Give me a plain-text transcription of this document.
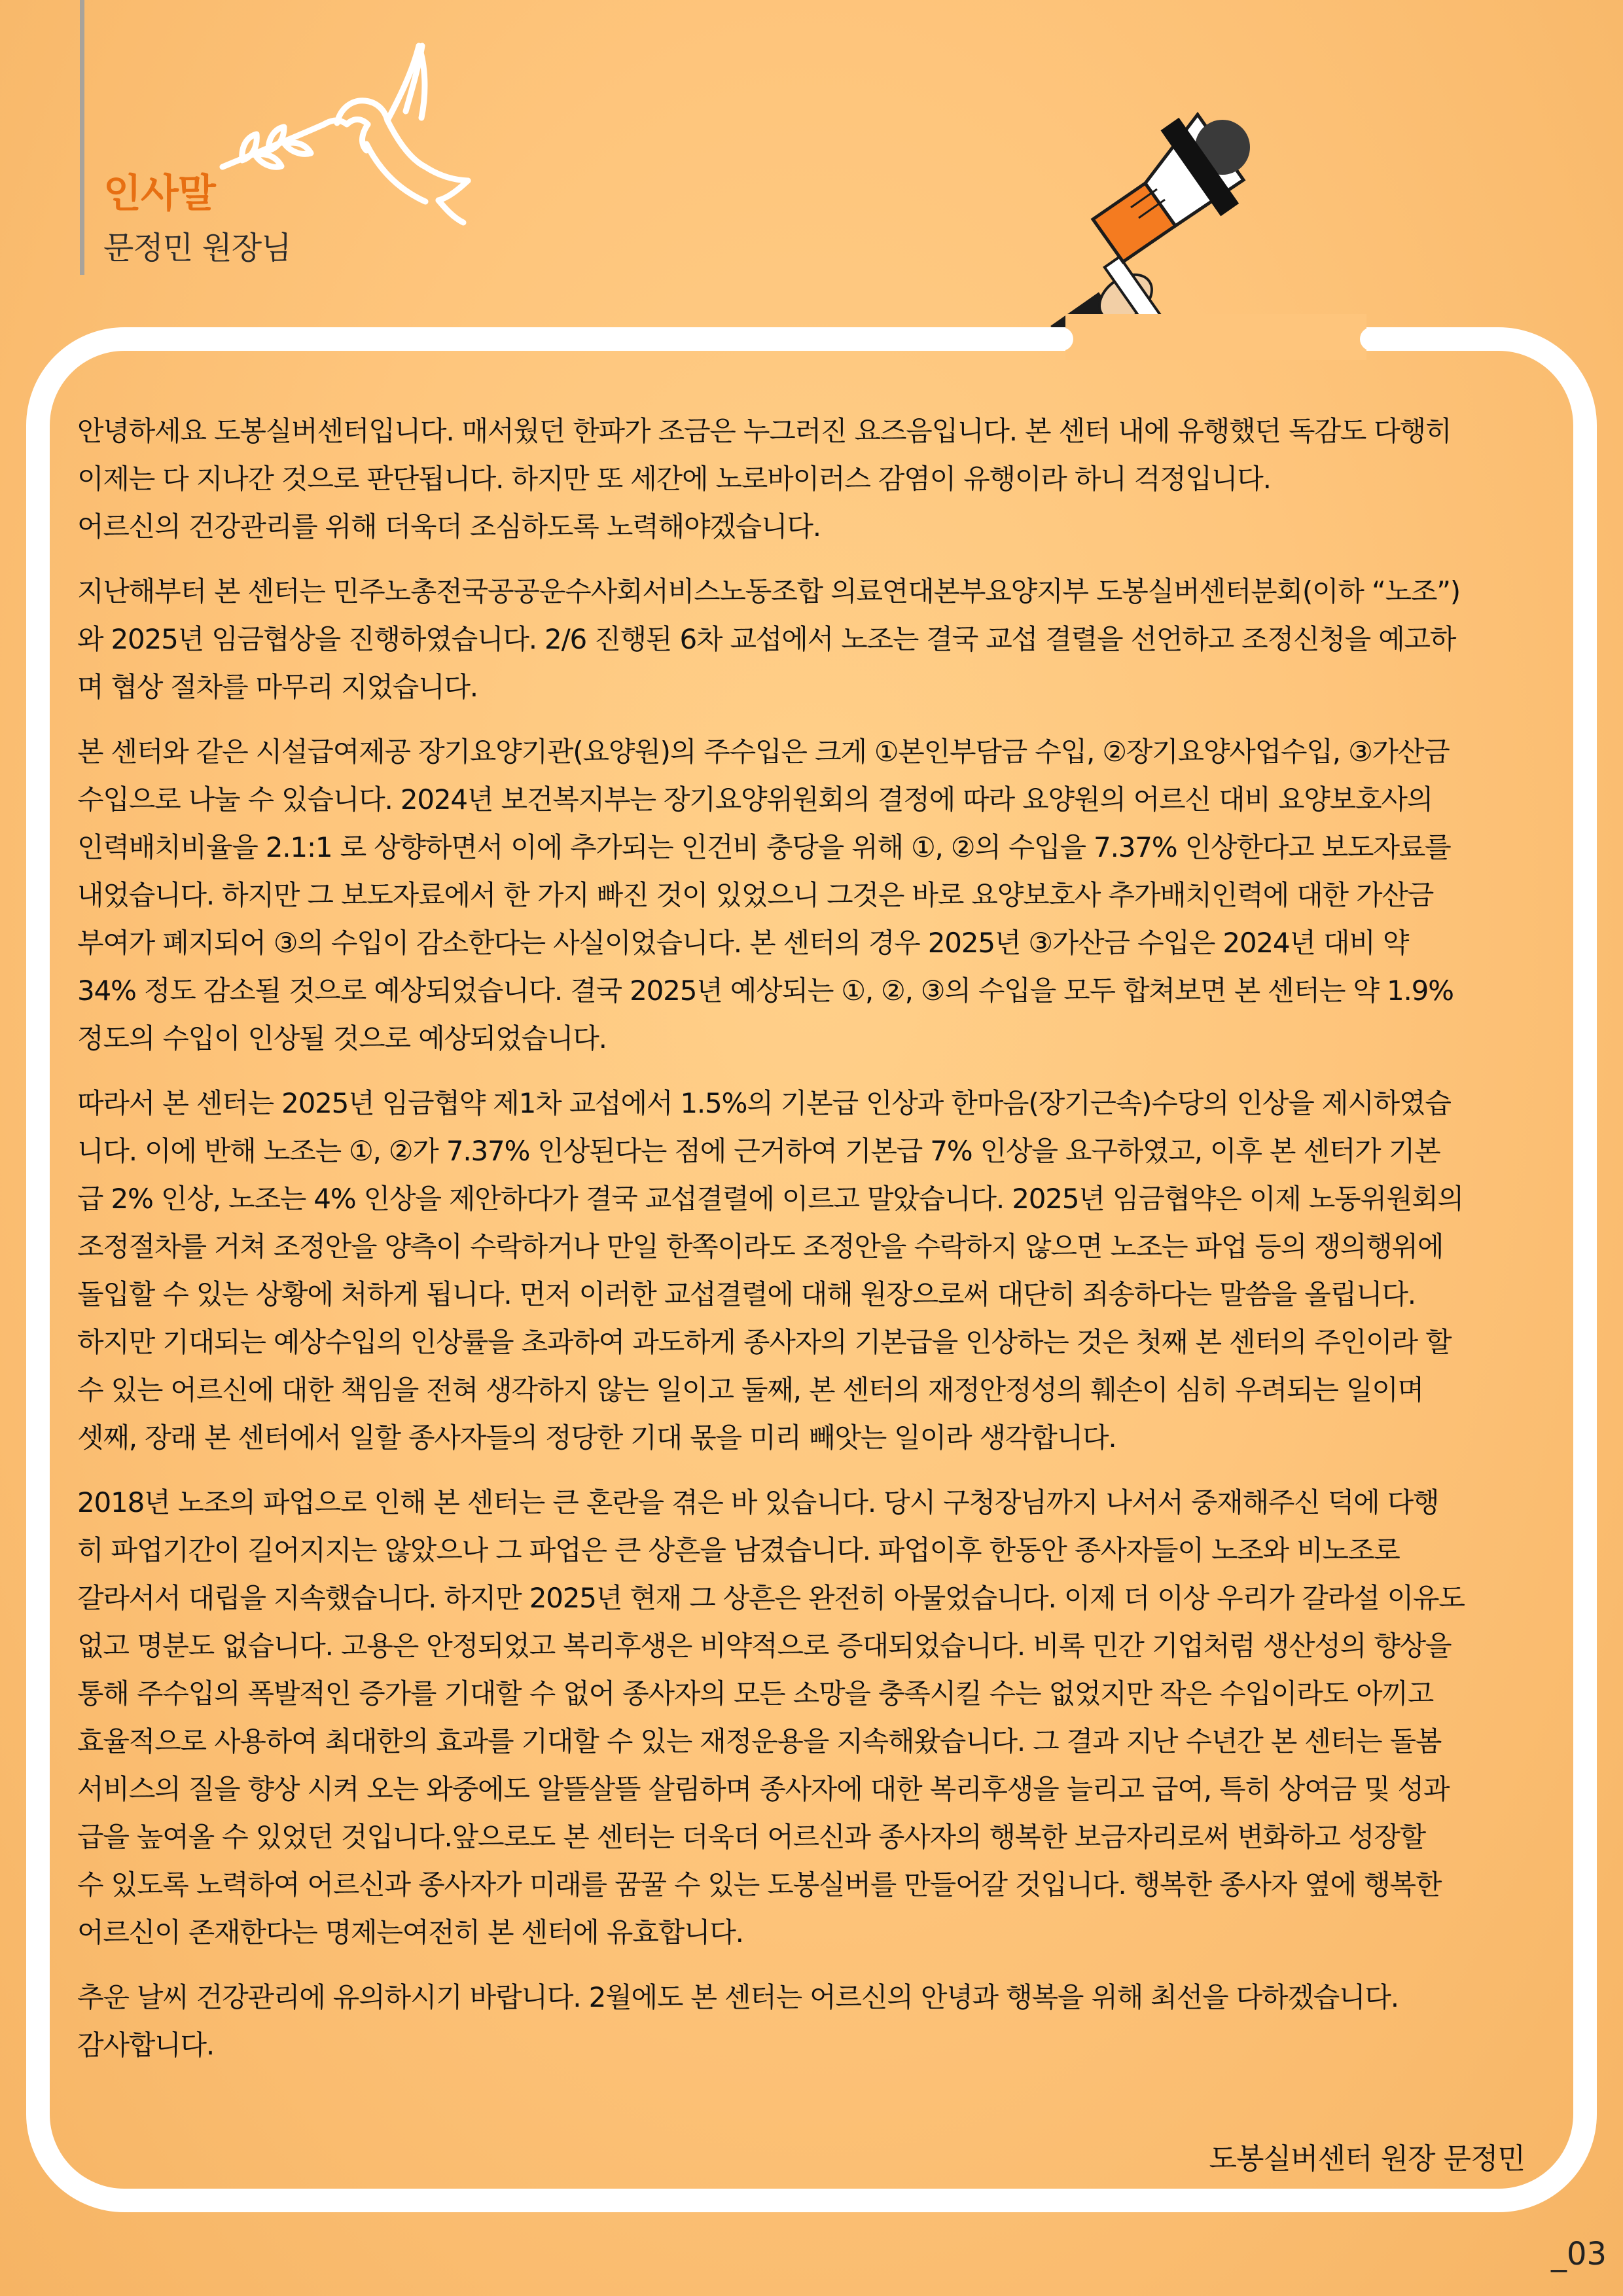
인사말
문정민 원장님

안녕하세요 도봉실버센터입니다. 매서웠던 한파가 조금은 누그러진 요즈음입니다. 본 센터 내에 유행했던 독감도 다행히
이제는 다 지나간 것으로 판단됩니다. 하지만 또 세간에 노로바이러스 감염이 유행이라 하니 걱정입니다.
어르신의 건강관리를 위해 더욱더 조심하도록 노력해야겠습니다.

지난해부터 본 센터는 민주노총전국공공운수사회서비스노동조합 의료연대본부요양지부 도봉실버센터분회(이하 “노조”)
와 2025년 임금협상을 진행하였습니다. 2/6 진행된 6차 교섭에서 노조는 결국 교섭 결렬을 선언하고 조정신청을 예고하
며 협상 절차를 마무리 지었습니다.

본 센터와 같은 시설급여제공 장기요양기관(요양원)의 주수입은 크게 ①본인부담금 수입, ②장기요양사업수입, ③가산금
수입으로 나눌 수 있습니다. 2024년 보건복지부는 장기요양위원회의 결정에 따라 요양원의 어르신 대비 요양보호사의
인력배치비율을 2.1:1 로 상향하면서 이에 추가되는 인건비 충당을 위해 ①, ②의 수입을 7.37% 인상한다고 보도자료를
내었습니다. 하지만 그 보도자료에서 한 가지 빠진 것이 있었으니 그것은 바로 요양보호사 추가배치인력에 대한 가산금
부여가 폐지되어 ③의 수입이 감소한다는 사실이었습니다. 본 센터의 경우 2025년 ③가산금 수입은 2024년 대비 약
34% 정도 감소될 것으로 예상되었습니다. 결국 2025년 예상되는 ①, ②, ③의 수입을 모두 합쳐보면 본 센터는 약 1.9%
정도의 수입이 인상될 것으로 예상되었습니다.

따라서 본 센터는 2025년 임금협약 제1차 교섭에서 1.5%의 기본급 인상과 한마음(장기근속)수당의 인상을 제시하였습
니다. 이에 반해 노조는 ①, ②가 7.37% 인상된다는 점에 근거하여 기본급 7% 인상을 요구하였고, 이후 본 센터가 기본
급 2% 인상, 노조는 4% 인상을 제안하다가 결국 교섭결렬에 이르고 말았습니다. 2025년 임금협약은 이제 노동위원회의
조정절차를 거쳐 조정안을 양측이 수락하거나 만일 한쪽이라도 조정안을 수락하지 않으면 노조는 파업 등의 쟁의행위에
돌입할 수 있는 상황에 처하게 됩니다. 먼저 이러한 교섭결렬에 대해 원장으로써 대단히 죄송하다는 말씀을 올립니다.
하지만 기대되는 예상수입의 인상률을 초과하여 과도하게 종사자의 기본급을 인상하는 것은 첫째 본 센터의 주인이라 할
수 있는 어르신에 대한 책임을 전혀 생각하지 않는 일이고 둘째, 본 센터의 재정안정성의 훼손이 심히 우려되는 일이며
셋째, 장래 본 센터에서 일할 종사자들의 정당한 기대 몫을 미리 빼앗는 일이라 생각합니다.

2018년 노조의 파업으로 인해 본 센터는 큰 혼란을 겪은 바 있습니다. 당시 구청장님까지 나서서 중재해주신 덕에 다행
히 파업기간이 길어지지는 않았으나 그 파업은 큰 상흔을 남겼습니다. 파업이후 한동안 종사자들이 노조와 비노조로
갈라서서 대립을 지속했습니다. 하지만 2025년 현재 그 상흔은 완전히 아물었습니다. 이제 더 이상 우리가 갈라설 이유도
없고 명분도 없습니다. 고용은 안정되었고 복리후생은 비약적으로 증대되었습니다. 비록 민간 기업처럼 생산성의 향상을
통해 주수입의 폭발적인 증가를 기대할 수 없어 종사자의 모든 소망을 충족시킬 수는 없었지만 작은 수입이라도 아끼고
효율적으로 사용하여 최대한의 효과를 기대할 수 있는 재정운용을 지속해왔습니다. 그 결과 지난 수년간 본 센터는 돌봄
서비스의 질을 향상 시켜 오는 와중에도 알뜰살뜰 살림하며 종사자에 대한 복리후생을 늘리고 급여, 특히 상여금 및 성과
급을 높여올 수 있었던 것입니다.앞으로도 본 센터는 더욱더 어르신과 종사자의 행복한 보금자리로써 변화하고 성장할
수 있도록 노력하여 어르신과 종사자가 미래를 꿈꿀 수 있는 도봉실버를 만들어갈 것입니다. 행복한 종사자 옆에 행복한
어르신이 존재한다는 명제는여전히 본 센터에 유효합니다.

추운 날씨 건강관리에 유의하시기 바랍니다. 2월에도 본 센터는 어르신의 안녕과 행복을 위해 최선을 다하겠습니다.
감사합니다.

도봉실버센터 원장 문정민
_03
